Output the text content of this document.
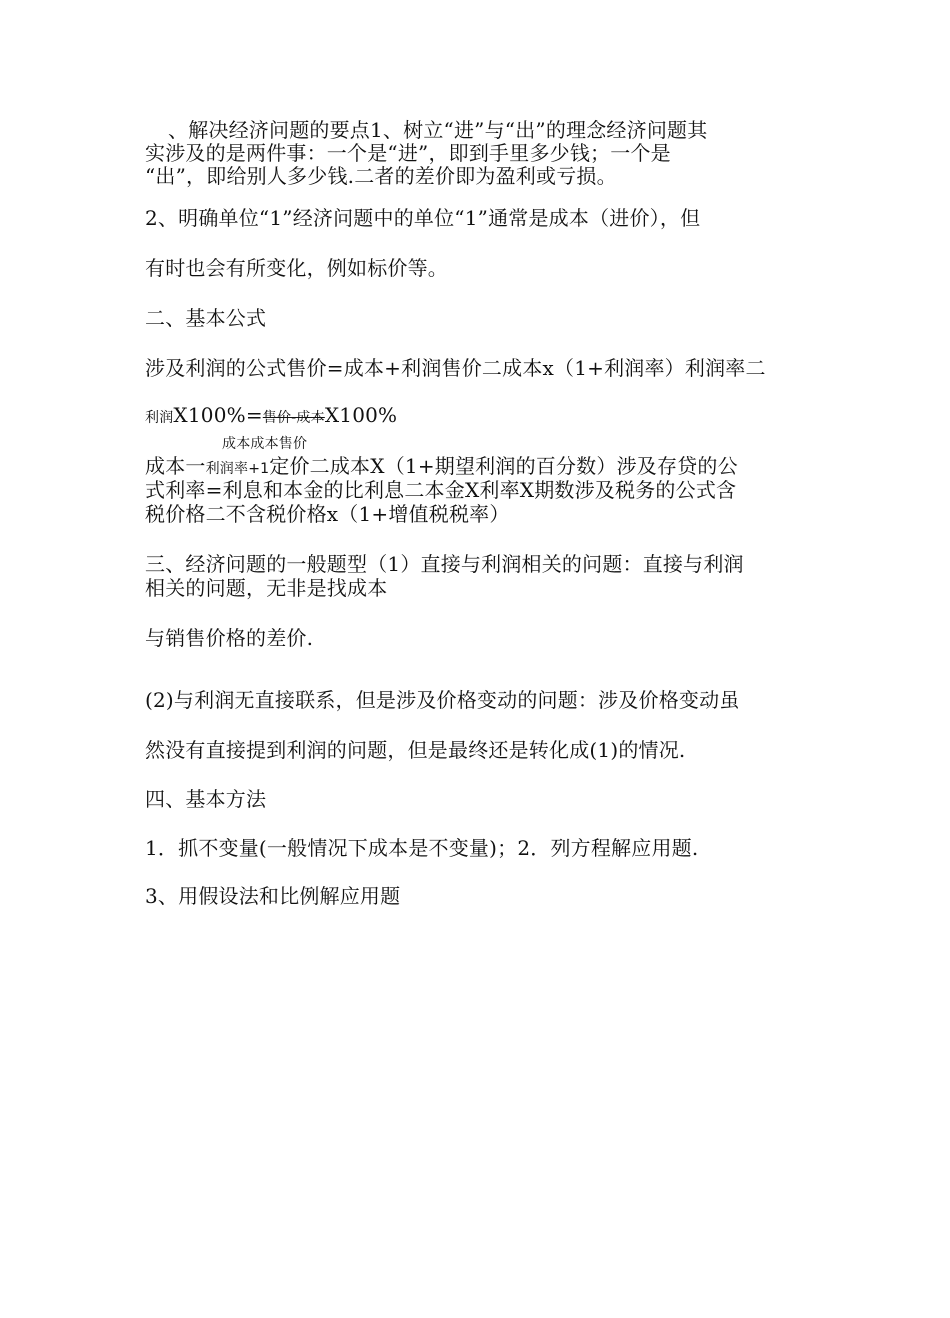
、解决经济问题的要点1、树立“进”与“出”的理念经济问题其
实涉及的是两件事：一个是“进”，即到手里多少钱；一个是
“出”，即给别人多少钱.二者的差价即为盈利或亏损。
2、明确单位“1”经济问题中的单位“1”通常是成本（进价），但
有时也会有所变化，例如标价等。
二、基本公式
涉及利润的公式售价=成本+利润售价二成本x（1+利润率）利润率二
利润X100%=售价-成本X100%
成本成本售价
成本一利润率+1定价二成本X（1+期望利润的百分数）涉及存贷的公
式利率=利息和本金的比利息二本金X利率X期数涉及税务的公式含
税价格二不含税价格x（1+增值税税率）
三、经济问题的一般题型（1）直接与利润相关的问题：直接与利润
相关的问题，无非是找成本
与销售价格的差价.
(2)与利润无直接联系，但是涉及价格变动的问题：涉及价格变动虽
然没有直接提到利润的问题，但是最终还是转化成(1)的情况.
四、基本方法
1．抓不变量(一般情况下成本是不变量)；2．列方程解应用题.
3、用假设法和比例解应用题
